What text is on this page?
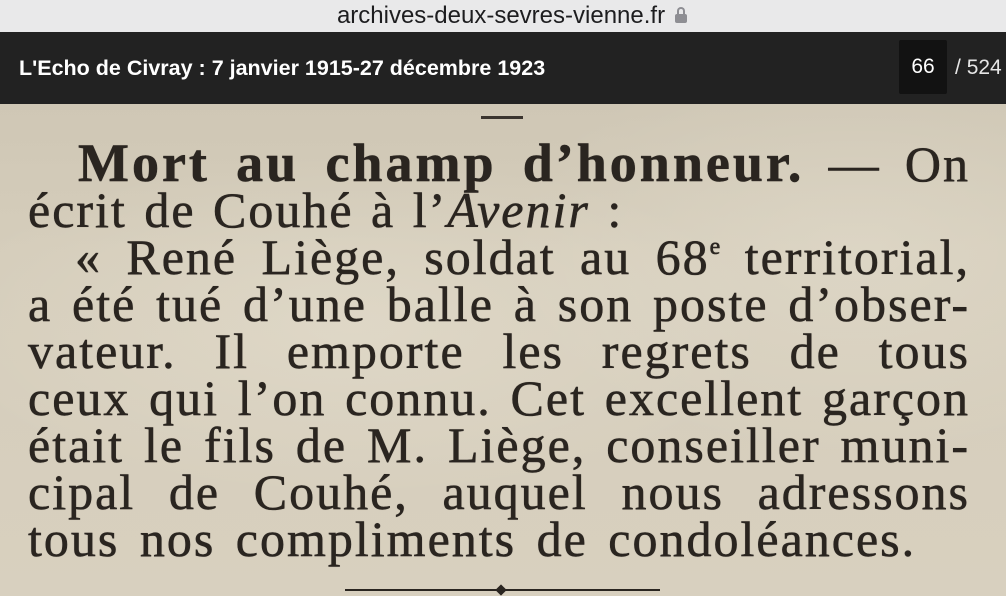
archives-deux-sevres-vienne.fr
L'Echo de Civray : 7 janvier 1915-27 décembre 1923
66	/ 524
Mort au champ d’honneur. — On
écrit de Couhé à l’Avenir :
« René Liège, soldat au 68e territorial,
a été tué d’une balle à son poste d’obser-
vateur. Il emporte les regrets de tous
ceux qui l’on connu. Cet excellent garçon
était le fils de M. Liège, conseiller muni-
cipal de Couhé, auquel nous adressons
tous nos compliments de condoléances.
